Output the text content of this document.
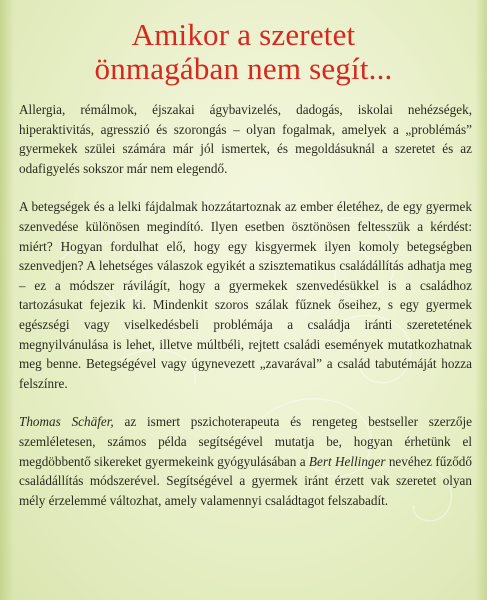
Amikor a szeretet
önmagában nem segít...

Allergia, rémálmok, éjszakai ágybavizelés, dadogás, iskolai nehézségek, hiperaktivitás, agresszió és szorongás – olyan fogalmak, amelyek a „problémás” gyermekek szülei számára már jól ismertek, és megoldásuknál a szeretet és az odafigyelés sokszor már nem elegendő.

A betegségek és a lelki fájdalmak hozzátartoznak az ember életéhez, de egy gyermek szenvedése különösen megindító. Ilyen esetben ösztönösen feltesszük a kérdést: miért? Hogyan fordulhat elő, hogy egy kisgyermek ilyen komoly betegségben szenvedjen? A lehetséges válaszok egyikét a szisztematikus családállítás adhatja meg – ez a módszer rávilágít, hogy a gyermekek szenvedésükkel is a családhoz tartozásukat fejezik ki. Mindenkit szoros szálak fűznek őseihez, s egy gyermek egészségi vagy viselkedésbeli problémája a családja iránti szeretetének megnyilvánulása is lehet, illetve múltbéli, rejtett családi események mutatkozhatnak meg benne. Betegségével vagy úgynevezett „zavarával” a család tabutémáját hozza felszínre.

Thomas Schäfer, az ismert pszichoterapeuta és rengeteg bestseller szerzője szemléletesen, számos példa segítségével mutatja be, hogyan érhetünk el megdöbbentő sikereket gyermekeink gyógyulásában a Bert Hellinger nevéhez fűződő családállítás módszerével. Segítségével a gyermek iránt érzett vak szeretet olyan mély érzelemmé változhat, amely valamennyi családtagot felszabadít.
